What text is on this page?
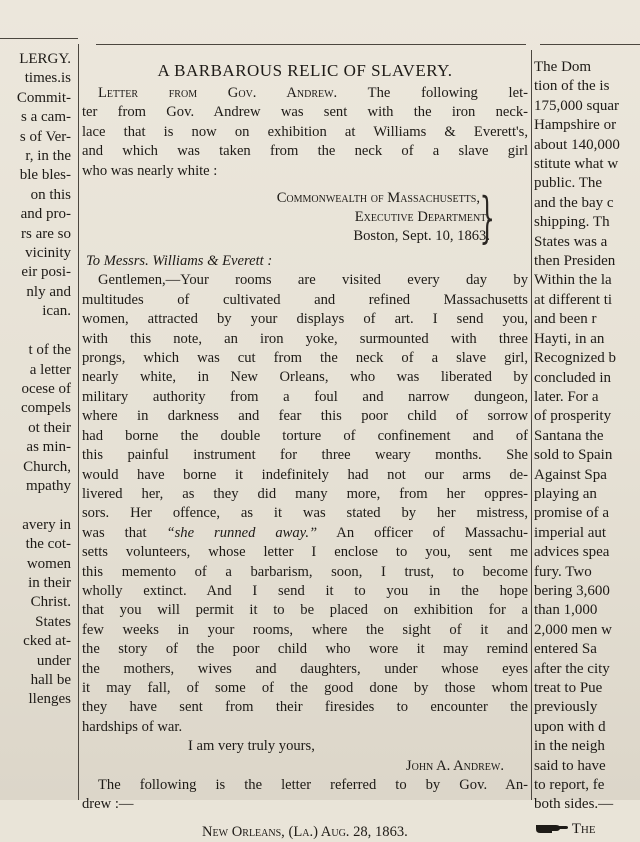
LERGY.
times.is
Commit-
s a cam-
s of Ver-
r, in the
ble bles-
on this
and pro-
rs are so
vicinity
eir posi-
nly and
ican.

t of the
a letter
ocese of
compels
ot their
as min-
Church,
mpathy

avery in
the cot-
women
in their
Christ.
States
cked at-
under
hall be
llenges
A BARBAROUS RELIC OF SLAVERY.
Letter from Gov. Andrew. The following let-
ter from Gov. Andrew was sent with the iron neck-
lace that is now on exhibition at Williams & Everett's,
and which was taken from the neck of a slave girl
who was nearly white :
Commonwealth of Massachusetts,
Executive Department,
Boston, Sept. 10, 1863.
}
To Messrs. Williams & Everett :
Gentlemen,—Your rooms are visited every day by
multitudes of cultivated and refined Massachusetts
women, attracted by your displays of art. I send you,
with this note, an iron yoke, surmounted with three
prongs, which was cut from the neck of a slave girl,
nearly white, in New Orleans, who was liberated by
military authority from a foul and narrow dungeon,
where in darkness and fear this poor child of sorrow
had borne the double torture of confinement and of
this painful instrument for three weary months. She
would have borne it indefinitely had not our arms de-
livered her, as they did many more, from her oppres-
sors. Her offence, as it was stated by her mistress,
was that “she runned away.” An officer of Massachu-
setts volunteers, whose letter I enclose to you, sent me
this memento of a barbarism, soon, I trust, to become
wholly extinct. And I send it to you in the hope
that you will permit it to be placed on exhibition for a
few weeks in your rooms, where the sight of it and
the story of the poor child who wore it may remind
the mothers, wives and daughters, under whose eyes
it may fall, of some of the good done by those whom
they have sent from their firesides to encounter the
hardships of war.
I am very truly yours,
John A. Andrew.
The following is the letter referred to by Gov. An-
drew :—
New Orleans, (La.) Aug. 28, 1863.
The Dom
tion of the is
175,000 squar
Hampshire or
about 140,000
stitute what w
public. The
and the bay c
shipping. Th
States was a
then Presiden
Within the la
at different ti
and been r
Hayti, in an
Recognized b
concluded in
later. For a
of prosperity
Santana the
sold to Spain
Against Spa
playing an
promise of a
imperial aut
advices spea
fury. Two
bering 3,600
than 1,000
2,000 men w
entered Sa
after the city
treat to Pue
previously
upon with d
in the neigh
said to have
to report, fe
both sides.—
The
